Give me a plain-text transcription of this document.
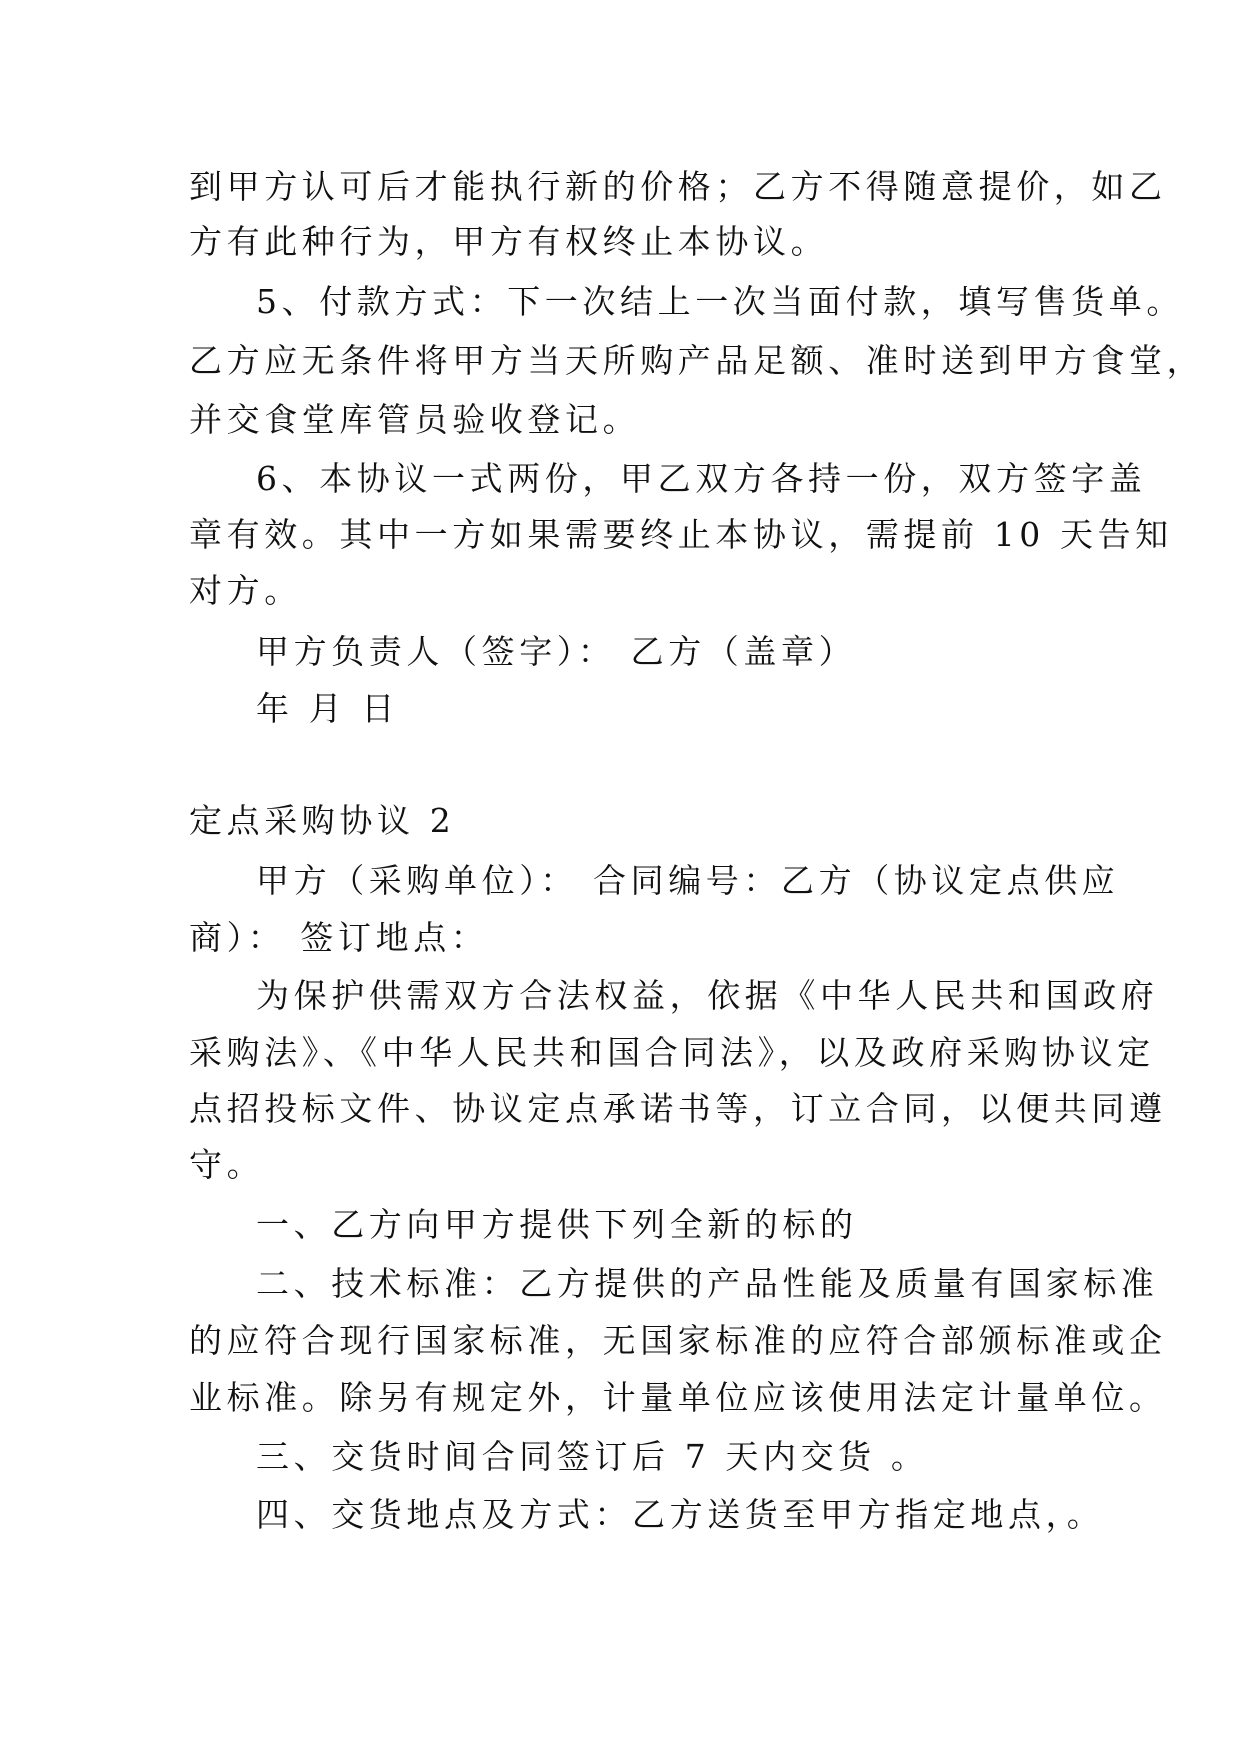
到甲方认可后才能执行新的价格；乙方不得随意提价，如乙
方有此种行为，甲方有权终止本协议。
5、付款方式：下一次结上一次当面付款，填写售货单。
乙方应无条件将甲方当天所购产品足额、准时送到甲方食堂，
并交食堂库管员验收登记。
6、本协议一式两份，甲乙双方各持一份，双方签字盖
章有效。其中一方如果需要终止本协议，需提前 10 天告知
对方。
甲方负责人（签字）： 乙方（盖章）
年 月 日
定点采购协议 2
甲方（采购单位）： 合同编号：乙方（协议定点供应
商）： 签订地点：
为保护供需双方合法权益，依据《中华人民共和国政府
采购法》、《中华人民共和国合同法》，以及政府采购协议定
点招投标文件、协议定点承诺书等，订立合同，以便共同遵
守。
一、乙方向甲方提供下列全新的标的
二、技术标准：乙方提供的产品性能及质量有国家标准
的应符合现行国家标准，无国家标准的应符合部颁标准或企
业标准。除另有规定外，计量单位应该使用法定计量单位。
三、交货时间合同签订后 7 天内交货 。
四、交货地点及方式：乙方送货至甲方指定地点，。
